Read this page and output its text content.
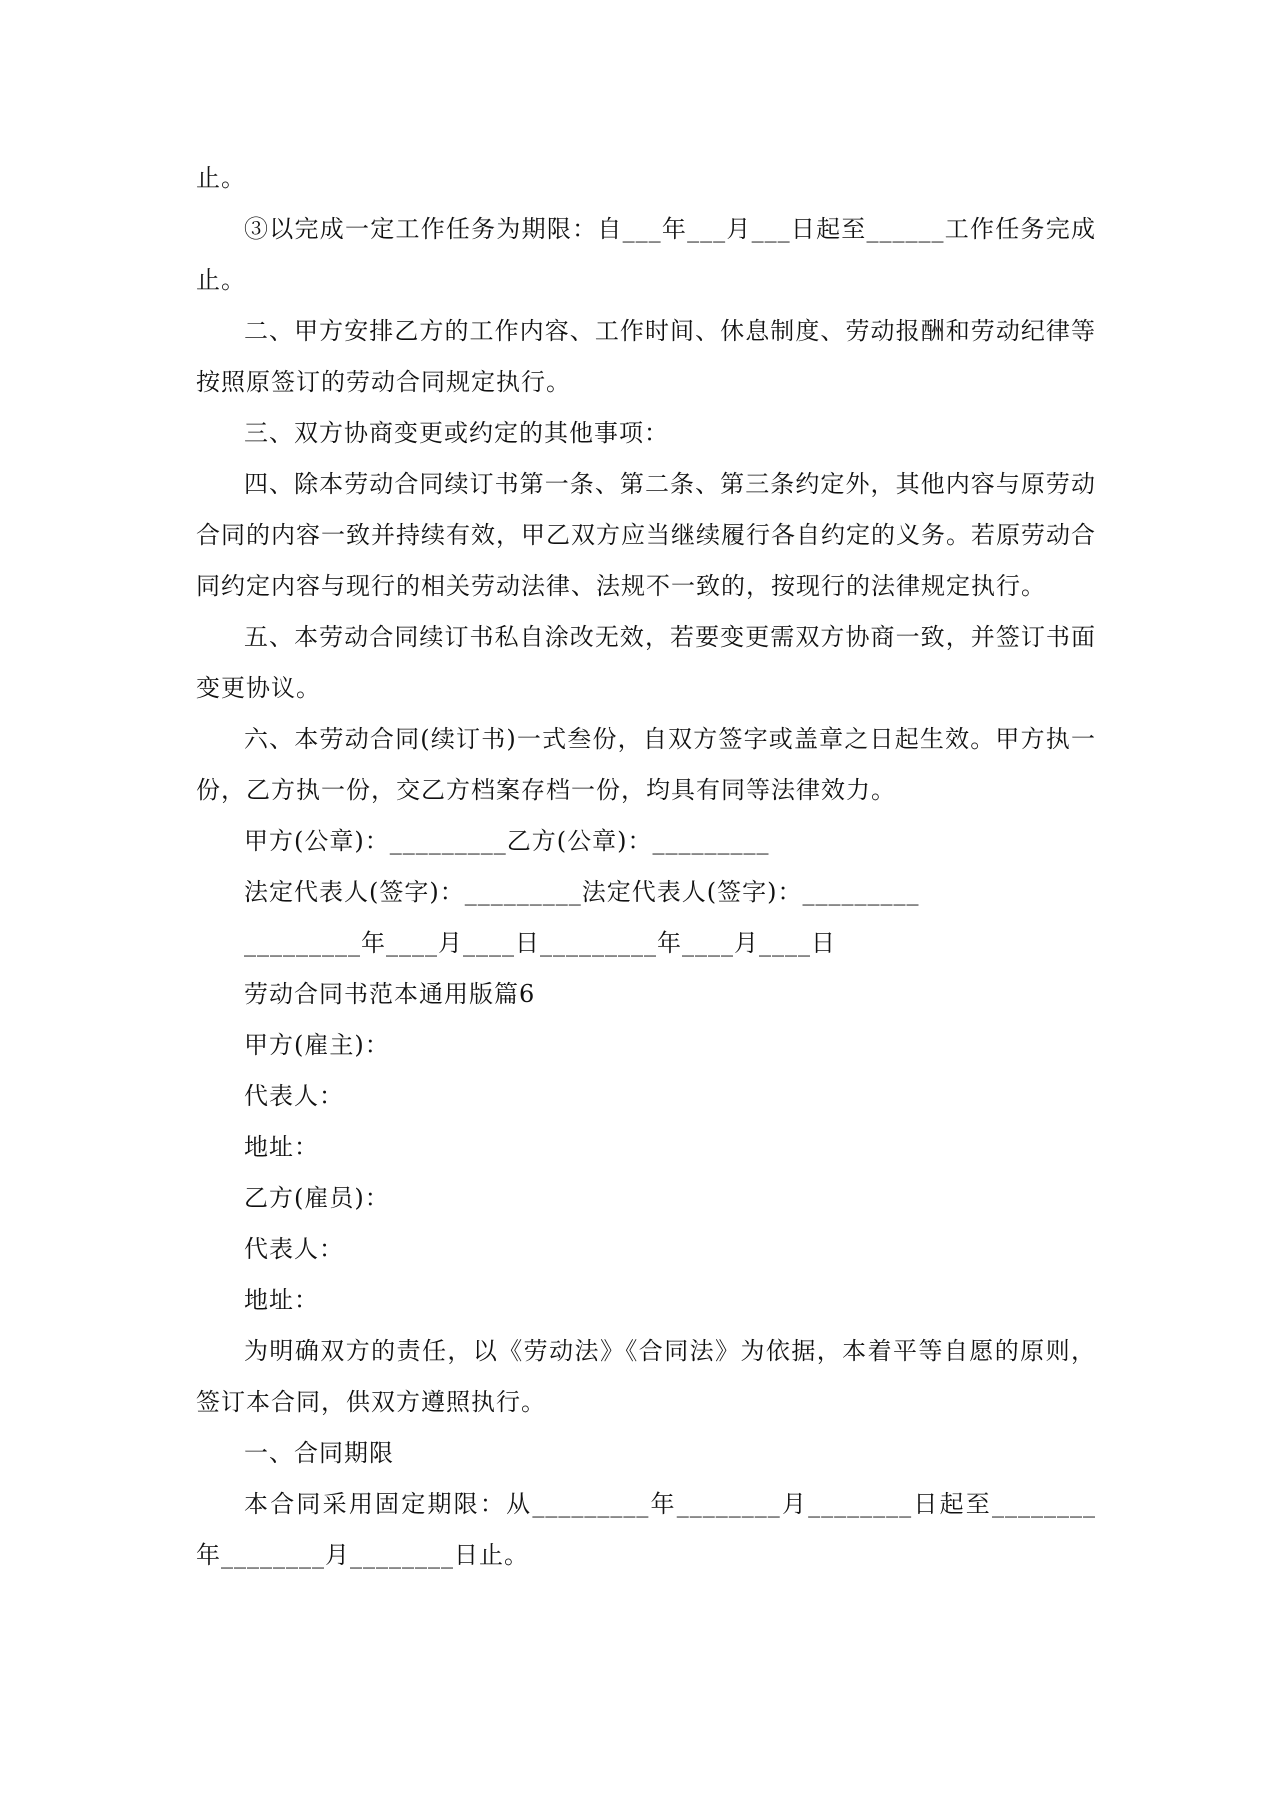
止。

③以完成一定工作任务为期限：自___年___月___日起至______工作任务完成止。

二、甲方安排乙方的工作内容、工作时间、休息制度、劳动报酬和劳动纪律等按照原签订的劳动合同规定执行。

三、双方协商变更或约定的其他事项：

四、除本劳动合同续订书第一条、第二条、第三条约定外，其他内容与原劳动合同的内容一致并持续有效，甲乙双方应当继续履行各自约定的义务。若原劳动合同约定内容与现行的相关劳动法律、法规不一致的，按现行的法律规定执行。

五、本劳动合同续订书私自涂改无效，若要变更需双方协商一致，并签订书面变更协议。

六、本劳动合同(续订书)一式叁份，自双方签字或盖章之日起生效。甲方执一份，乙方执一份，交乙方档案存档一份，均具有同等法律效力。

甲方(公章)：_________乙方(公章)：_________

法定代表人(签字)：_________法定代表人(签字)：_________

_________年____月____日_________年____月____日

劳动合同书范本通用版篇6

甲方(雇主)：

代表人：

地址：

乙方(雇员)：

代表人：

地址：

为明确双方的责任，以《劳动法》《合同法》为依据，本着平等自愿的原则，签订本合同，供双方遵照执行。

一、合同期限

本合同采用固定期限：从_________年________月________日起至________年________月________日止。
